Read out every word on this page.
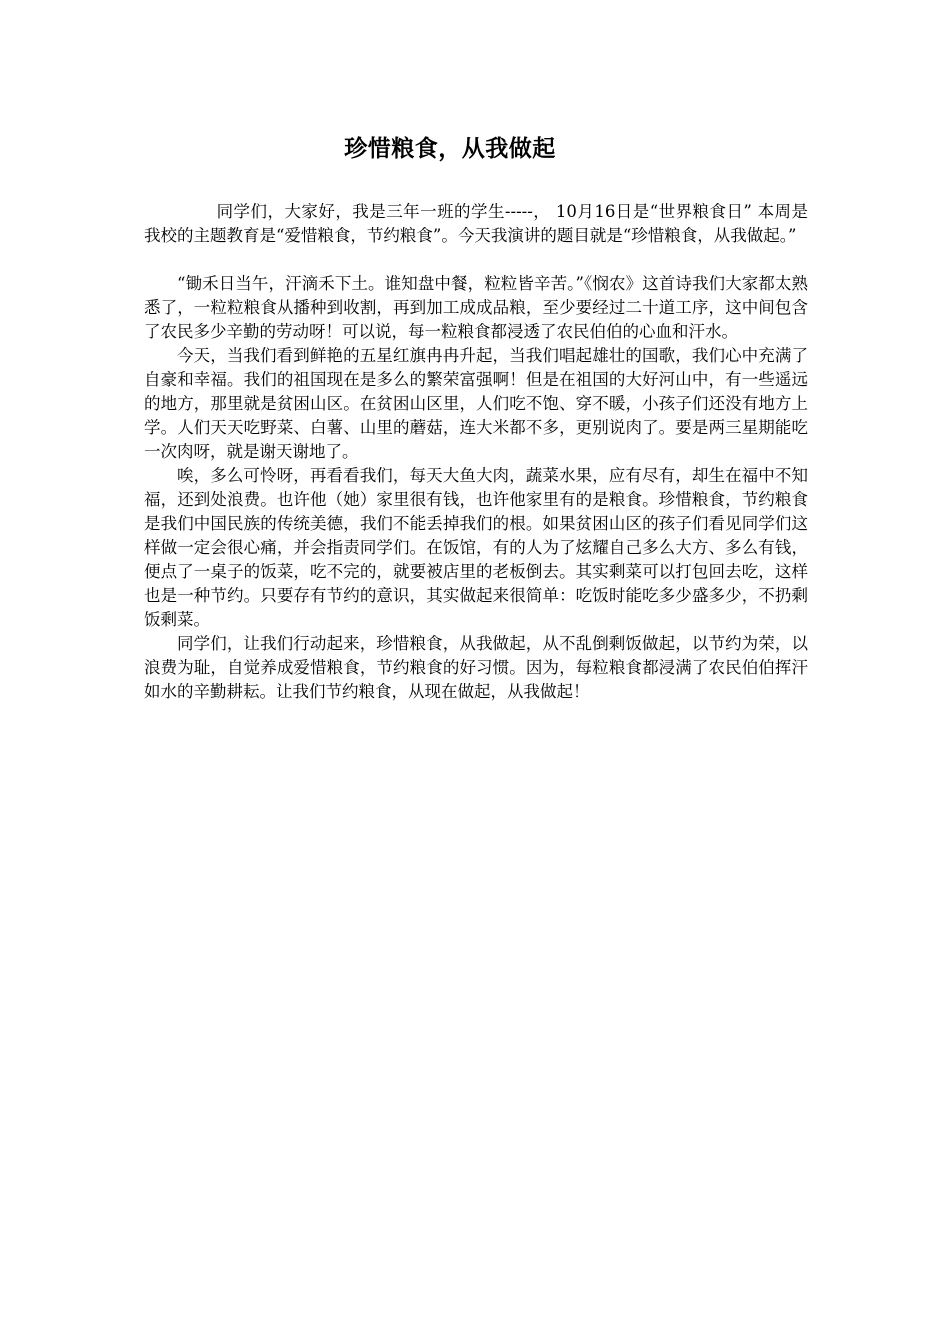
珍惜粮食，从我做起

同学们，大家好，我是三年一班的学生-----， 10月16日是“世界粮食日” 本周是我校的主题教育是“爱惜粮食，节约粮食”。今天我演讲的题目就是“珍惜粮食，从我做起。”

“锄禾日当午，汗滴禾下土。谁知盘中餐，粒粒皆辛苦。”《悯农》这首诗我们大家都太熟悉了，一粒粒粮食从播种到收割，再到加工成成品粮，至少要经过二十道工序，这中间包含了农民多少辛勤的劳动呀！可以说，每一粒粮食都浸透了农民伯伯的心血和汗水。

今天，当我们看到鲜艳的五星红旗冉冉升起，当我们唱起雄壮的国歌，我们心中充满了自豪和幸福。我们的祖国现在是多么的繁荣富强啊！但是在祖国的大好河山中，有一些遥远的地方，那里就是贫困山区。在贫困山区里，人们吃不饱、穿不暖，小孩子们还没有地方上学。人们天天吃野菜、白薯、山里的蘑菇，连大米都不多，更别说肉了。要是两三星期能吃一次肉呀，就是谢天谢地了。

唉，多么可怜呀，再看看我们，每天大鱼大肉，蔬菜水果，应有尽有，却生在福中不知福，还到处浪费。也许他（她）家里很有钱，也许他家里有的是粮食。珍惜粮食，节约粮食是我们中国民族的传统美德，我们不能丢掉我们的根。如果贫困山区的孩子们看见同学们这样做一定会很心痛，并会指责同学们。在饭馆，有的人为了炫耀自己多么大方、多么有钱，便点了一桌子的饭菜，吃不完的，就要被店里的老板倒去。其实剩菜可以打包回去吃，这样也是一种节约。只要存有节约的意识，其实做起来很简单：吃饭时能吃多少盛多少，不扔剩饭剩菜。

同学们，让我们行动起来，珍惜粮食，从我做起，从不乱倒剩饭做起，以节约为荣，以浪费为耻，自觉养成爱惜粮食，节约粮食的好习惯。因为，每粒粮食都浸满了农民伯伯挥汗如水的辛勤耕耘。让我们节约粮食，从现在做起，从我做起！
